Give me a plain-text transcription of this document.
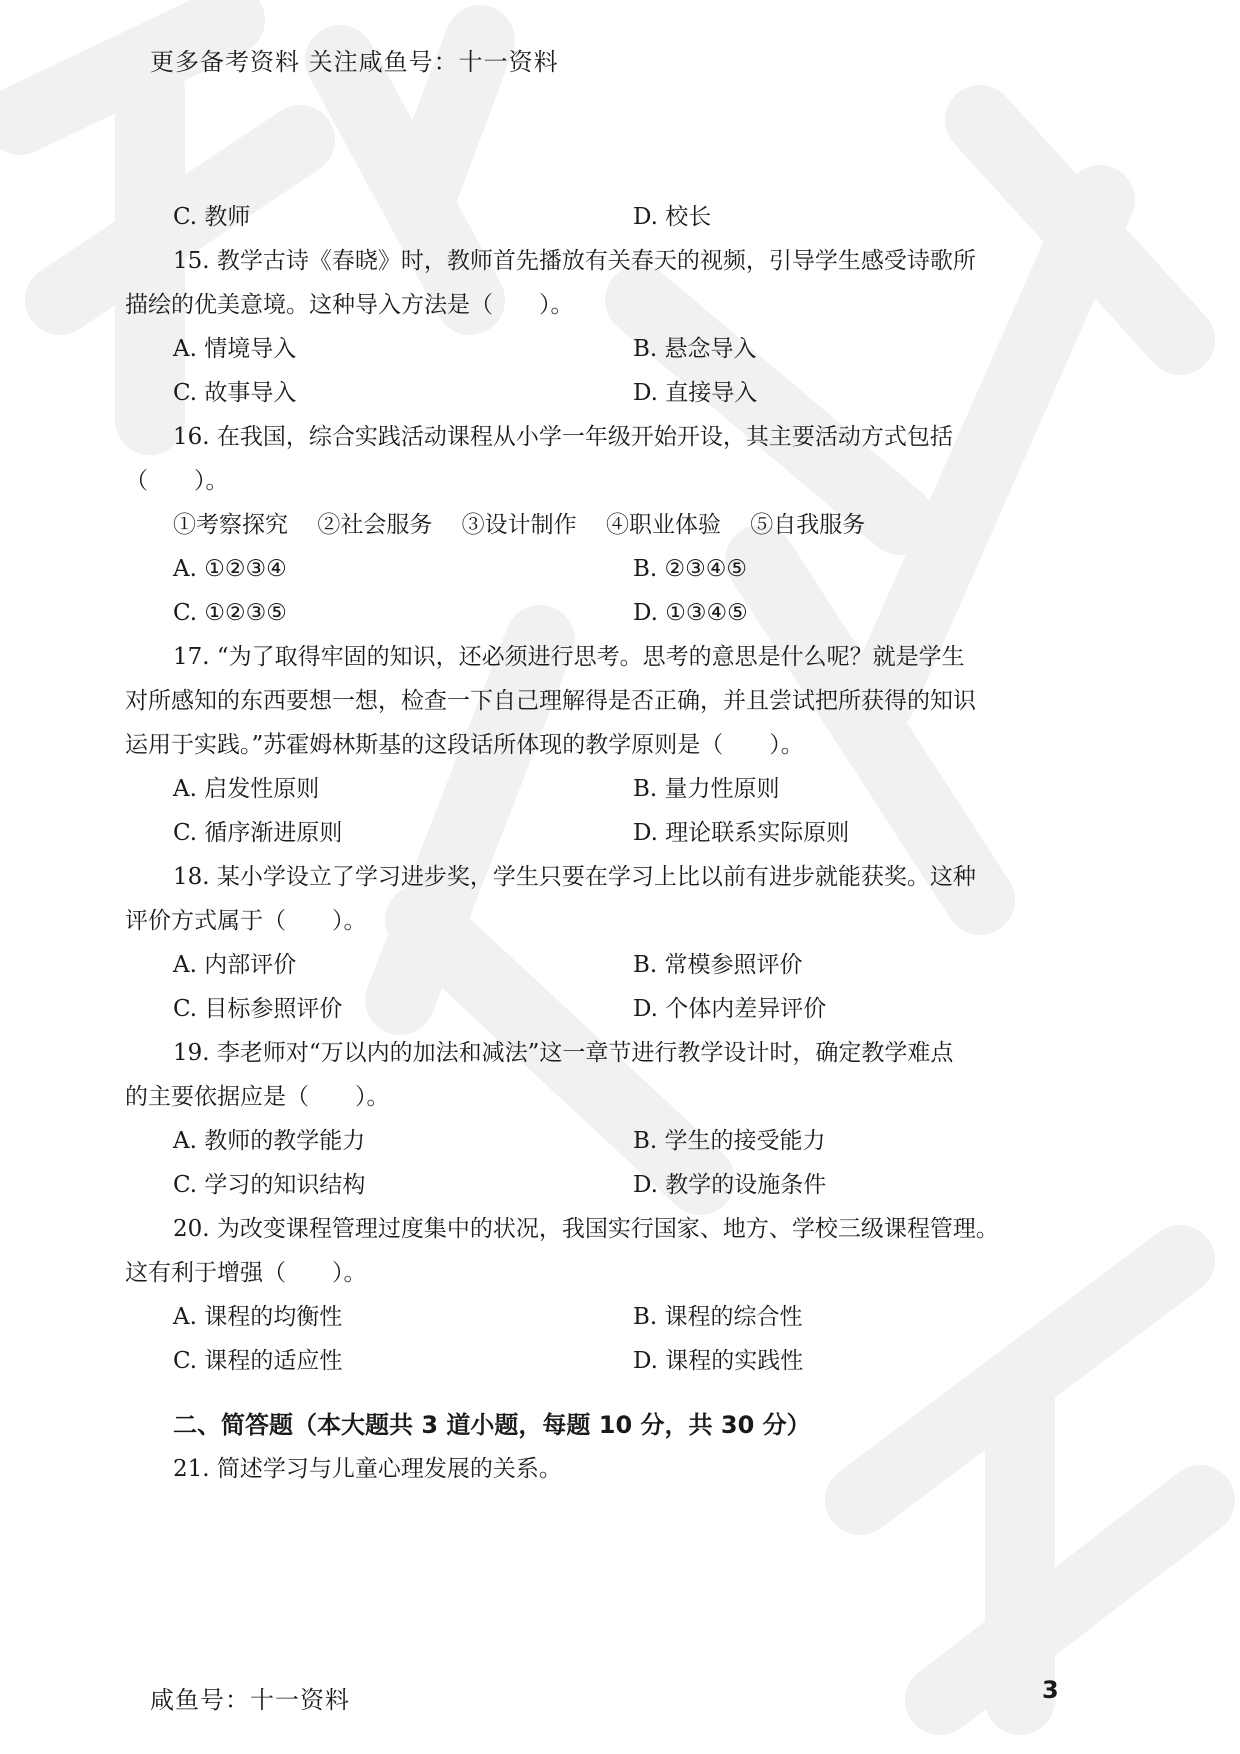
更多备考资料 关注咸鱼号：十一资料
C. 教师	D. 校长
15. 教学古诗《春晓》时，教师首先播放有关春天的视频，引导学生感受诗歌所
描绘的优美意境。这种导入方法是（　　）。
A. 情境导入	B. 悬念导入
C. 故事导入	D. 直接导入
16. 在我国，综合实践活动课程从小学一年级开始开设，其主要活动方式包括
（　　）。
①考察探究 ②社会服务 ③设计制作 ④职业体验 ⑤自我服务
A. ①②③④	B. ②③④⑤
C. ①②③⑤	D. ①③④⑤
17. “为了取得牢固的知识，还必须进行思考。思考的意思是什么呢？就是学生
对所感知的东西要想一想，检查一下自己理解得是否正确，并且尝试把所获得的知识
运用于实践。”苏霍姆林斯基的这段话所体现的教学原则是（　　）。
A. 启发性原则	B. 量力性原则
C. 循序渐进原则	D. 理论联系实际原则
18. 某小学设立了学习进步奖，学生只要在学习上比以前有进步就能获奖。这种
评价方式属于（　　）。
A. 内部评价	B. 常模参照评价
C. 目标参照评价	D. 个体内差异评价
19. 李老师对“万以内的加法和减法”这一章节进行教学设计时，确定教学难点
的主要依据应是（　　）。
A. 教师的教学能力	B. 学生的接受能力
C. 学习的知识结构	D. 教学的设施条件
20. 为改变课程管理过度集中的状况，我国实行国家、地方、学校三级课程管理。
这有利于增强（　　）。
A. 课程的均衡性	B. 课程的综合性
C. 课程的适应性	D. 课程的实践性
二、简答题（本大题共 3 道小题，每题 10 分，共 30 分）
21. 简述学习与儿童心理发展的关系。
咸鱼号：十一资料	3
